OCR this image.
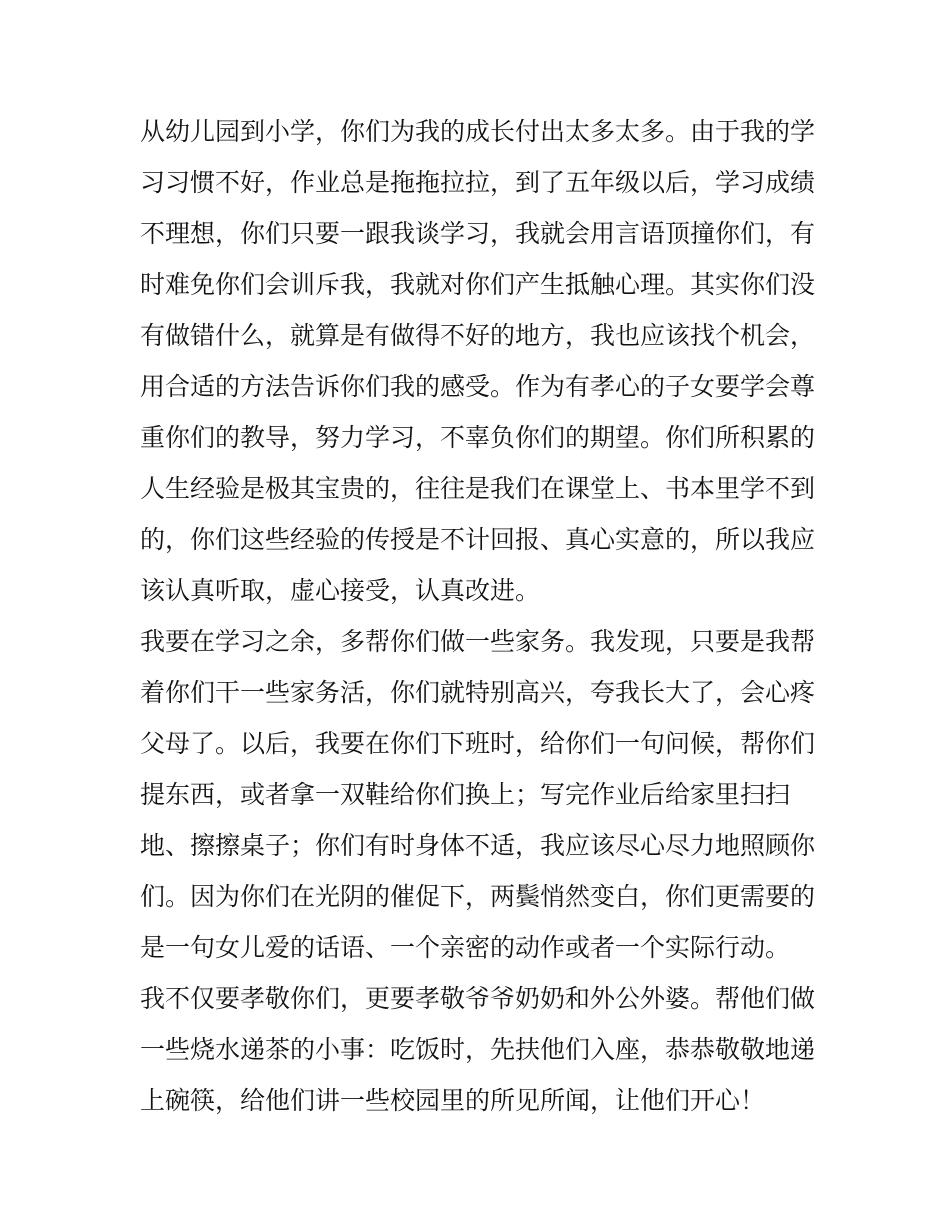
从幼儿园到小学，你们为我的成长付出太多太多。由于我的学
习习惯不好，作业总是拖拖拉拉，到了五年级以后，学习成绩
不理想，你们只要一跟我谈学习，我就会用言语顶撞你们，有
时难免你们会训斥我，我就对你们产生抵触心理。其实你们没
有做错什么，就算是有做得不好的地方，我也应该找个机会，
用合适的方法告诉你们我的感受。作为有孝心的子女要学会尊
重你们的教导，努力学习，不辜负你们的期望。你们所积累的
人生经验是极其宝贵的，往往是我们在课堂上、书本里学不到
的，你们这些经验的传授是不计回报、真心实意的，所以我应
该认真听取，虚心接受，认真改进。
我要在学习之余，多帮你们做一些家务。我发现，只要是我帮
着你们干一些家务活，你们就特别高兴，夸我长大了，会心疼
父母了。以后，我要在你们下班时，给你们一句问候，帮你们
提东西，或者拿一双鞋给你们换上；写完作业后给家里扫扫
地、擦擦桌子；你们有时身体不适，我应该尽心尽力地照顾你
们。因为你们在光阴的催促下，两鬓悄然变白，你们更需要的
是一句女儿爱的话语、一个亲密的动作或者一个实际行动。
我不仅要孝敬你们，更要孝敬爷爷奶奶和外公外婆。帮他们做
一些烧水递茶的小事：吃饭时，先扶他们入座，恭恭敬敬地递
上碗筷，给他们讲一些校园里的所见所闻，让他们开心！
